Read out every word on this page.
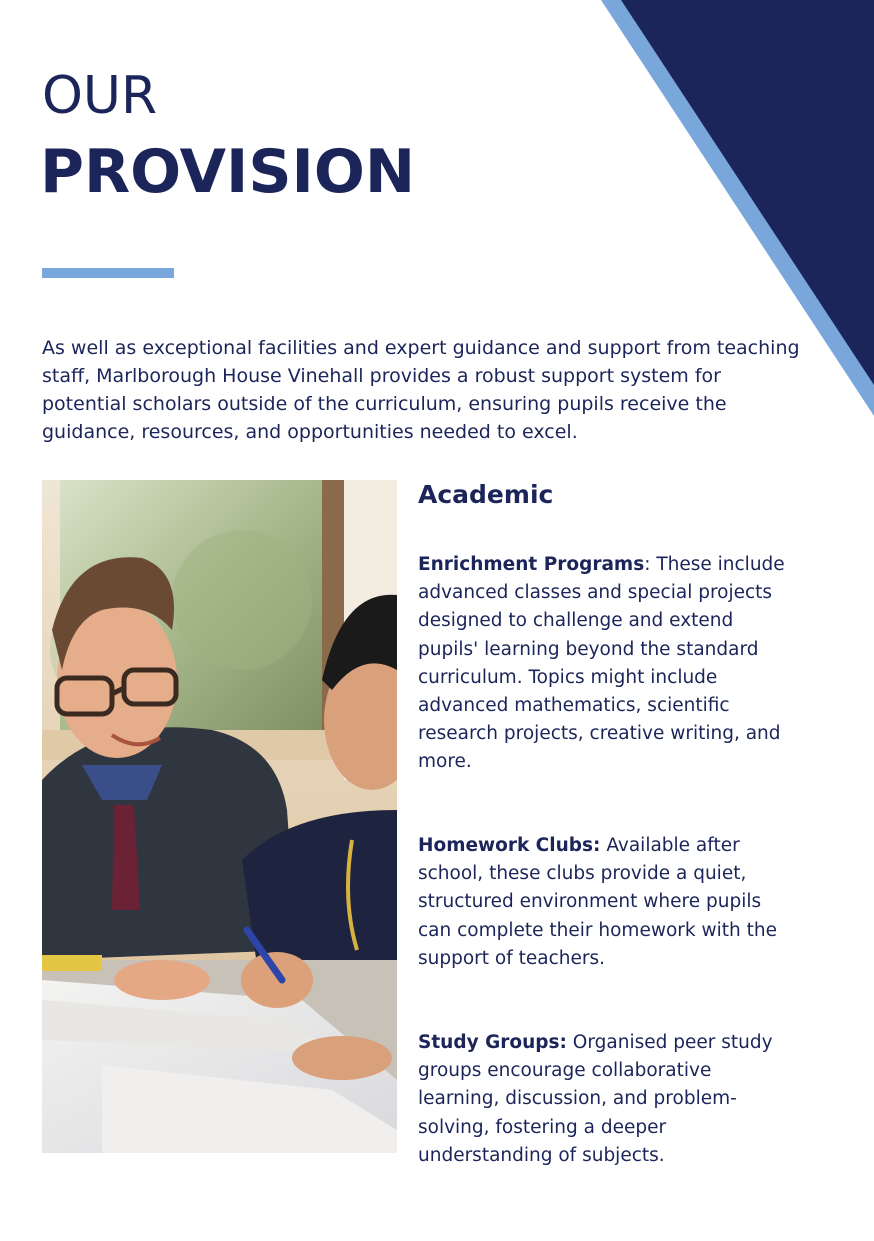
OUR
PROVISION

As well as exceptional facilities and expert guidance and support from teaching staff, Marlborough House Vinehall provides a robust support system for potential scholars outside of the curriculum, ensuring pupils receive the guidance, resources, and opportunities needed to excel.

Academic

Enrichment Programs: These include advanced classes and special projects designed to challenge and extend pupils' learning beyond the standard curriculum. Topics might include advanced mathematics, scientific research projects, creative writing, and more.

Homework Clubs: Available after school, these clubs provide a quiet, structured environment where pupils can complete their homework with the support of teachers.

Study Groups: Organised peer study groups encourage collaborative learning, discussion, and problem-solving, fostering a deeper understanding of subjects.
